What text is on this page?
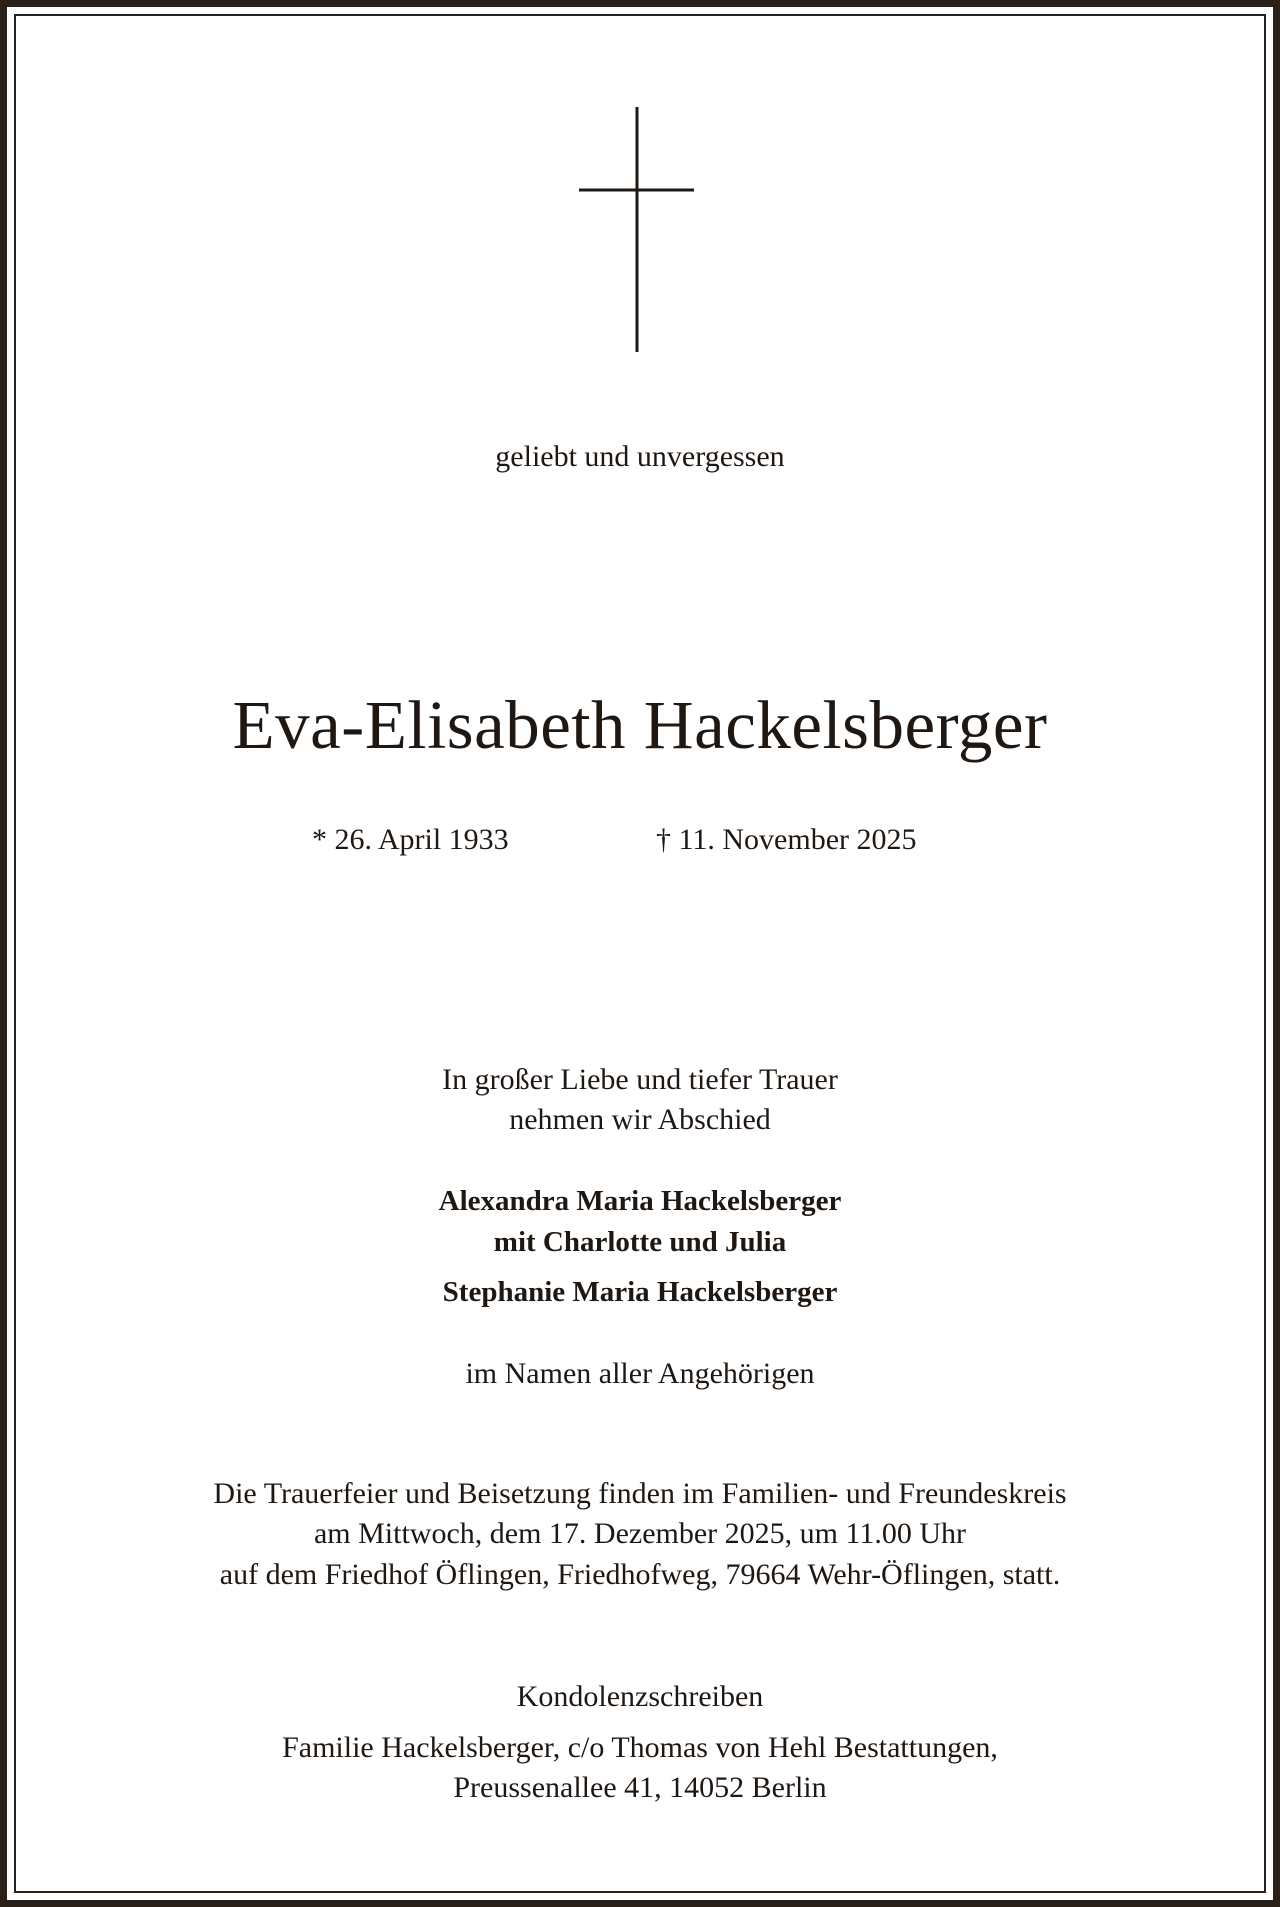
geliebt und unvergessen
Eva-Elisabeth Hackelsberger
* 26. April 1933	† 11. November 2025
In großer Liebe und tiefer Trauer
nehmen wir Abschied
Alexandra Maria Hackelsberger
mit Charlotte und Julia
Stephanie Maria Hackelsberger
im Namen aller Angehörigen
Die Trauerfeier und Beisetzung finden im Familien- und Freundeskreis
am Mittwoch, dem 17. Dezember 2025, um 11.00 Uhr
auf dem Friedhof Öflingen, Friedhofweg, 79664 Wehr-Öflingen, statt.
Kondolenzschreiben
Familie Hackelsberger, c/o Thomas von Hehl Bestattungen,
Preussenallee 41, 14052 Berlin
